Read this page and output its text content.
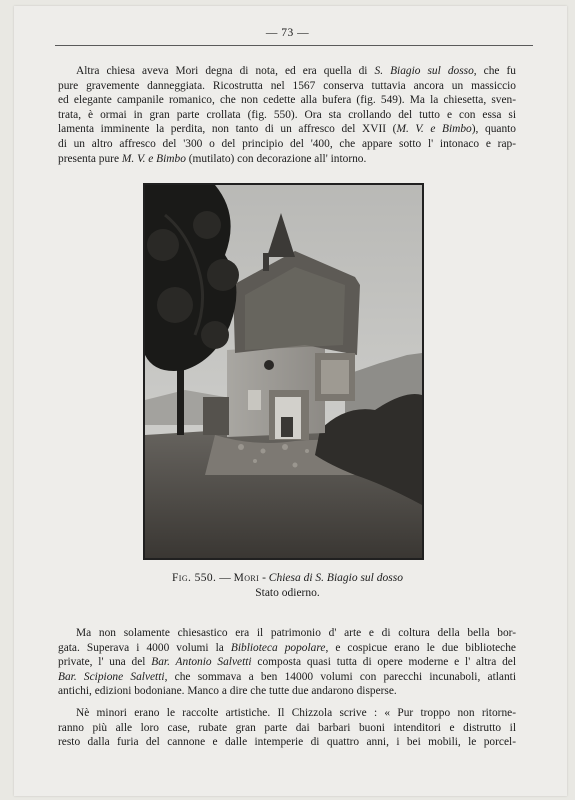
— 73 —
Altra chiesa aveva Mori degna di nota, ed era quella di S. Biagio sul dosso, che fu
pure gravemente danneggiata. Ricostrutta nel 1567 conserva tuttavia ancora un massiccio
ed elegante campanile romanico, che non cedette alla bufera (fig. 549). Ma la chiesetta, sven-
trata, è ormai in gran parte crollata (fig. 550). Ora sta crollando del tutto e con essa si
lamenta imminente la perdita, non tanto di un affresco del XVII (M. V. e Bimbo), quanto
di un altro affresco del '300 o del principio del '400, che appare sotto l' intonaco e rap-
presenta pure M. V. e Bimbo (mutilato) con decorazione all' intorno.
Fig. 550. — Mori - Chiesa di S. Biagio sul dosso
Stato odierno.
Ma non solamente chiesastico era il patrimonio d' arte e di coltura della bella bor-
gata. Superava i 4000 volumi la Biblioteca popolare, e cospicue erano le due biblioteche
private, l' una del Bar. Antonio Salvetti composta quasi tutta di opere moderne e l' altra del
Bar. Scipione Salvetti, che sommava a ben 14000 volumi con parecchi incunaboli, atlanti
antichi, edizioni bodoniane. Manco a dire che tutte due andarono disperse.
Nè minori erano le raccolte artistiche. Il Chizzola scrive : « Pur troppo non ritorne-
ranno più alle loro case, rubate gran parte dai barbari buoni intenditori e distrutto il
resto dalla furia del cannone e dalle intemperie di quattro anni, i bei mobili, le porcel-
